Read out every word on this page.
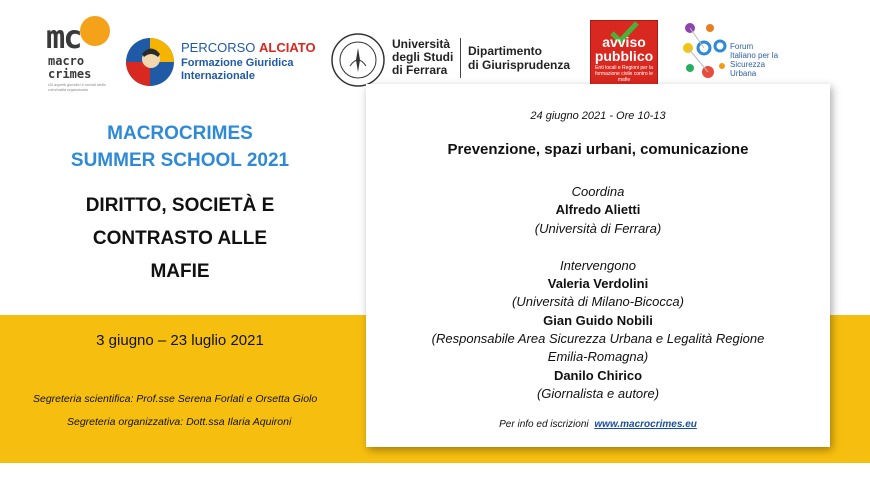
mc
macro
crimes
Gli aspetti giuridici e sociali della criminalità organizzata
PERCORSO ALCIATO
Formazione Giuridica
Internazionale
Università
degli Studi
di Ferrara
Dipartimento
di Giurisprudenza
avviso
pubblico
Enti locali e Regioni per la formazione civile contro le mafie
Forum
Italiano per la
Sicurezza
Urbana
MACROCRIMES
SUMMER SCHOOL 2021
DIRITTO, SOCIETÀ E
CONTRASTO ALLE
MAFIE
3 giugno – 23 luglio 2021
Segreteria scientifica: Prof.sse Serena Forlati e Orsetta Giolo
Segreteria organizzativa: Dott.ssa Ilaria Aquironi
24 giugno 2021 - Ore 10-13
Prevenzione, spazi urbani, comunicazione
Coordina
Alfredo Alietti
(Università di Ferrara)
Intervengono
Valeria Verdolini
(Università di Milano-Bicocca)
Gian Guido Nobili
(Responsabile Area Sicurezza Urbana e Legalità Regione
Emilia-Romagna)
Danilo Chirico
(Giornalista e autore)
Per info ed iscrizioni www.macrocrimes.eu
